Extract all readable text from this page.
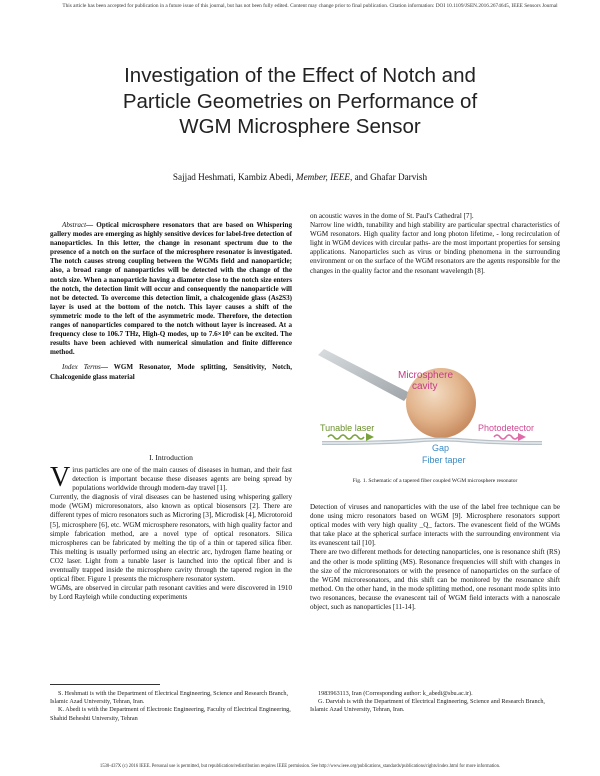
This article has been accepted for publication in a future issue of this journal, but has not been fully edited. Content may change prior to final publication. Citation information: DOI 10.1109/JSEN.2016.2674645, IEEE Sensors Journal
Investigation of the Effect of Notch and
Particle Geometries on Performance of
WGM Microsphere Sensor
Sajjad Heshmati, Kambiz Abedi, Member, IEEE, and Ghafar Darvish

Abstract— Optical microsphere resonators that are based on Whispering gallery modes are emerging as highly sensitive devices for label-free detection of nanoparticles. In this letter, the change in resonant spectrum due to the presence of a notch on the surface of the microsphere resonator is investigated. The notch causes strong coupling between the WGMs field and nanoparticle; also, a broad range of nanoparticles will be detected with the change of the notch size. When a nanoparticle having a diameter close to the notch size enters the notch, the detection limit will occur and consequently the nanoparticle will not be detected. To overcome this detection limit, a chalcogenide glass (As2S3) layer is used at the bottom of the notch. This layer causes a shift of the symmetric mode to the left of the asymmetric mode. Therefore, the detection ranges of nanoparticles compared to the notch without layer is increased. At a frequency close to 106.7 THz, High-Q modes, up to 7.6×10⁵ can be excited. The results have been achieved with numerical simulation and finite difference method.

Index Terms— WGM Resonator, Mode splitting, Sensitivity, Notch, Chalcogenide glass material

I. Introduction

Virus particles are one of the main causes of diseases in human, and their fast detection is important because these diseases agents are being spread by populations worldwide through modern-day travel [1].

Currently, the diagnosis of viral diseases can be hastened using whispering gallery mode (WGM) microresonators, also known as optical biosensors [2]. There are different types of micro resonators such as Microring [3], Microdisk [4], Microtoroid [5], microsphere [6], etc. WGM microsphere resonators, with high quality factor and simple fabrication method, are a novel type of optical resonators. Silica microspheres can be fabricated by melting the tip of a thin or tapered silica fiber. This melting is usually performed using an electric arc, hydrogen flame heating or CO2 laser. Light from a tunable laser is launched into the optical fiber and is eventually trapped inside the microsphere cavity through the tapered region in the optical fiber. Figure 1 presents the microsphere resonator system.

WGMs, are observed in circular path resonant cavities and were discovered in 1910 by Lord Rayleigh while conducting experiments

on acoustic waves in the dome of St. Paul's Cathedral [7].

Narrow line width, tunability and high stability are particular spectral characteristics of WGM resonators. High quality factor and long photon lifetime, - long recirculation of light in WGM devices with circular paths- are the most important properties for sensing applications. Nanoparticles such as virus or binding phenomena in the surrounding environment or on the surface of the WGM resonators are the agents responsible for the changes in the quality factor and the resonant wavelength [8].

Microsphere
cavity
Tunable laser	Photodetector
Gap
Fiber taper
Fig. 1. Schematic of a tapered fiber coupled WGM microsphere resonator

Detection of viruses and nanoparticles with the use of the label free technique can be done using micro resonators based on WGM [9]. Microsphere resonators support optical modes with very high quality _Q_ factors. The evanescent field of the WGMs that take place at the spherical surface interacts with the surrounding environment via its evanescent tail [10].

There are two different methods for detecting nanoparticles, one is resonance shift (RS) and the other is mode splitting (MS). Resonance frequencies will shift with changes in the size of the microresonators or with the presence of nanoparticles on the surface of the WGM microresonators, and this shift can be monitored by the resonance shift method. On the other hand, in the mode splitting method, one resonant mode splits into two resonances, because the evanescent tail of WGM field interacts with a nanoscale object, such as nanoparticles [11-14].

S. Heshmati is with the Department of Electrical Engineering, Science and Research Branch, Islamic Azad University, Tehran, Iran.
K. Abedi is with the Department of Electronic Engineering, Faculty of Electrical Engineering, Shahid Beheshti University, Tehran
1983963113, Iran (Corresponding author: k_abedi@sbu.ac.ir).
G. Darvish is with the Department of Electrical Engineering, Science and Research Branch, Islamic Azad University, Tehran, Iran.
1530-437X (c) 2016 IEEE. Personal use is permitted, but republication/redistribution requires IEEE permission. See http://www.ieee.org/publications_standards/publications/rights/index.html for more information.
